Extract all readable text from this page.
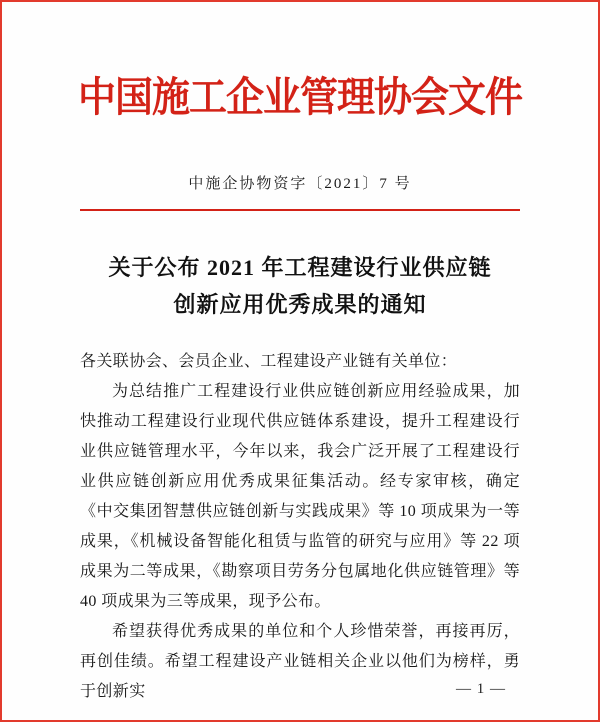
中国施工企业管理协会文件
中施企协物资字〔2021〕7 号
关于公布 2021 年工程建设行业供应链
创新应用优秀成果的通知

各关联协会、会员企业、工程建设产业链有关单位：

为总结推广工程建设行业供应链创新应用经验成果，加快推动工程建设行业现代供应链体系建设，提升工程建设行业供应链管理水平，今年以来，我会广泛开展了工程建设行业供应链创新应用优秀成果征集活动。经专家审核，确定《中交集团智慧供应链创新与实践成果》等 10 项成果为一等成果，《机械设备智能化租赁与监管的研究与应用》等 22 项成果为二等成果，《勘察项目劳务分包属地化供应链管理》等 40 项成果为三等成果，现予公布。

希望获得优秀成果的单位和个人珍惜荣誉，再接再厉，再创佳绩。希望工程建设产业链相关企业以他们为榜样，勇于创新实	— 1 —
